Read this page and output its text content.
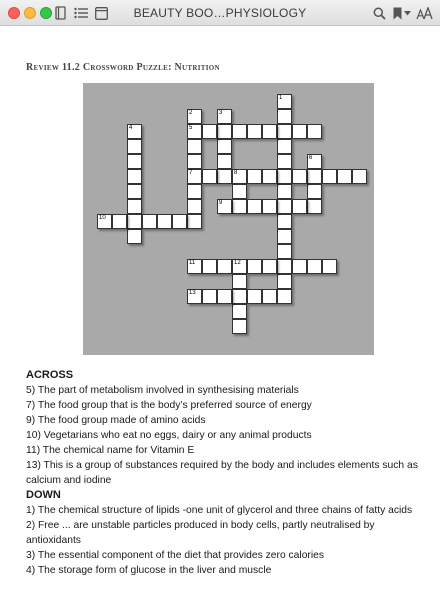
BEAUTY BOO…PHYSIOLOGY
Review 11.2 Crossword Puzzle: Nutrition
1
2
5
7
3
4
6
8
9
10
11	12
13
ACROSS
5) The part of metabolism involved in synthesising materials
7) The food group that is the body’s preferred source of energy
9) The food group made of amino acids
10) Vegetarians who eat no eggs, dairy or any animal products
11) The chemical name for Vitamin E
13) This is a group of substances required by the body and includes elements such as calcium and iodine
DOWN
1) The chemical structure of lipids -one unit of glycerol and three chains of fatty acids
2) Free ... are unstable particles produced in body cells, partly neutralised by antioxidants
3) The essential component of the diet that provides zero calories
4) The storage form of glucose in the liver and muscle
